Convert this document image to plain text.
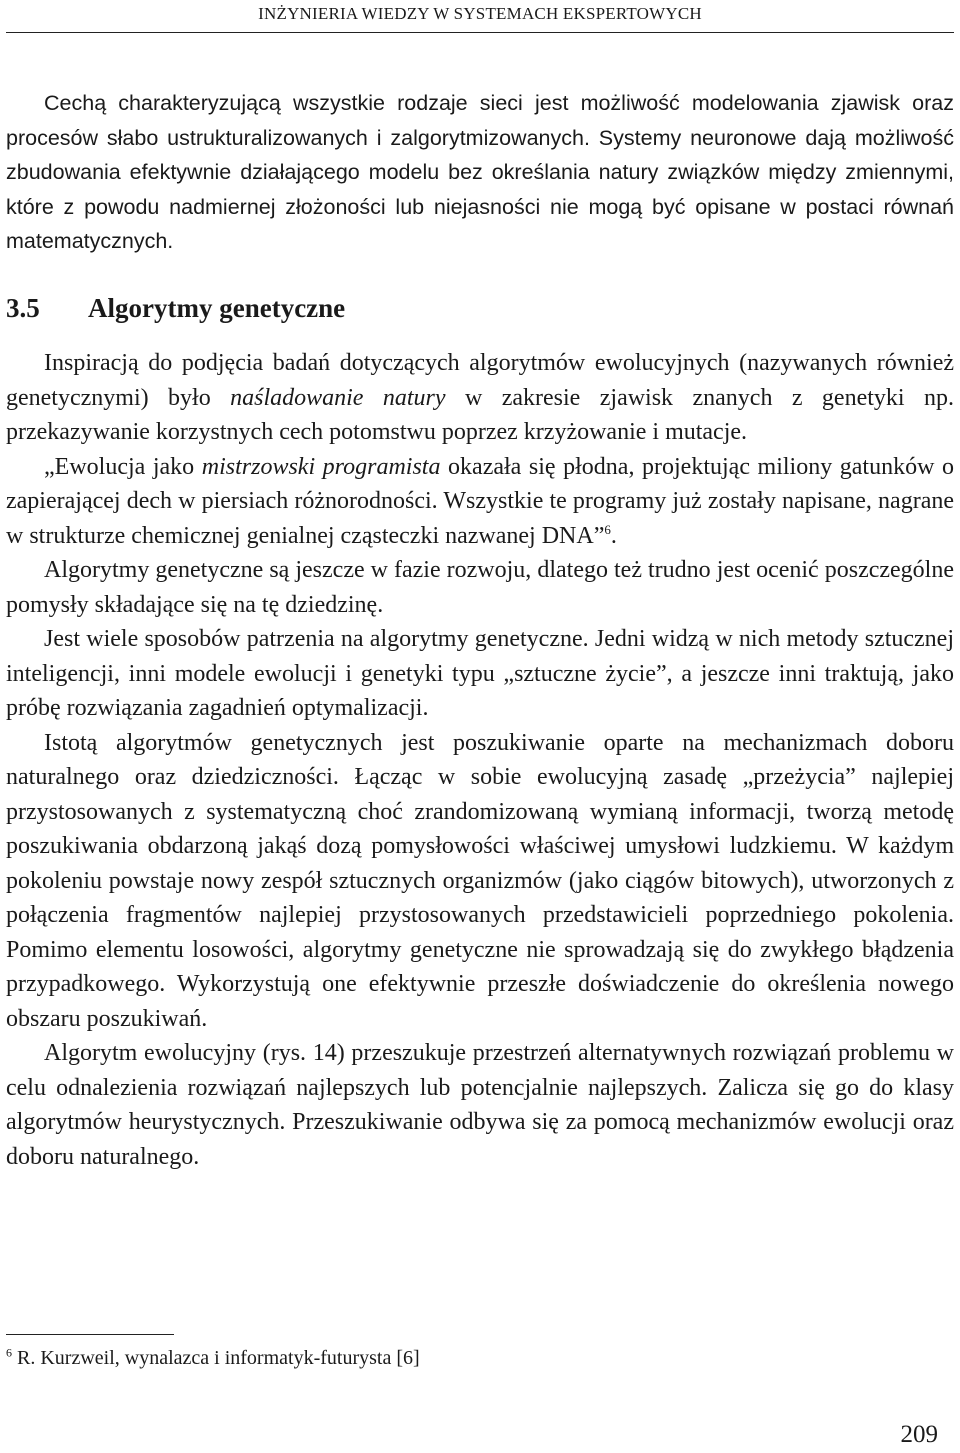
INŻYNIERIA WIEDZY W SYSTEMACH EKSPERTOWYCH

Cechą charakteryzującą wszystkie rodzaje sieci jest możliwość modelowania zjawisk oraz procesów słabo ustrukturalizowanych i zalgorytmizowanych. Systemy neuronowe dają możliwość zbudowania efektywnie działającego modelu bez określania natury związków między zmiennymi, które z powodu nadmiernej złożoności lub niejasności nie mogą być opisane w postaci równań matematycznych.

3.5 Algorytmy genetyczne

Inspiracją do podjęcia badań dotyczących algorytmów ewolucyjnych (nazywanych również genetycznymi) było naśladowanie natury w zakresie zjawisk znanych z genetyki np. przekazywanie korzystnych cech potomstwu poprzez krzyżowanie i mutacje.

„Ewolucja jako mistrzowski programista okazała się płodna, projektując miliony gatunków o zapierającej dech w piersiach różnorodności. Wszystkie te programy już zostały napisane, nagrane w strukturze chemicznej genialnej cząsteczki nazwanej DNA”$^6$.

Algorytmy genetyczne są jeszcze w fazie rozwoju, dlatego też trudno jest ocenić poszczególne pomysły składające się na tę dziedzinę.

Jest wiele sposobów patrzenia na algorytmy genetyczne. Jedni widzą w nich metody sztucznej inteligencji, inni modele ewolucji i genetyki typu „sztuczne życie”, a jeszcze inni traktują, jako próbę rozwiązania zagadnień optymalizacji.

Istotą algorytmów genetycznych jest poszukiwanie oparte na mechanizmach doboru naturalnego oraz dziedziczności. Łącząc w sobie ewolucyjną zasadę „przeżycia” najlepiej przystosowanych z systematyczną choć zrandomizowaną wymianą informacji, tworzą metodę poszukiwania obdarzoną jakąś dozą pomysłowości właściwej umysłowi ludzkiemu. W każdym pokoleniu powstaje nowy zespół sztucznych organizmów (jako ciągów bitowych), utworzonych z połączenia fragmentów najlepiej przystosowanych przedstawicieli poprzedniego pokolenia. Pomimo elementu losowości, algorytmy genetyczne nie sprowadzają się do zwykłego błądzenia przypadkowego. Wykorzystują one efektywnie przeszłe doświadczenie do określenia nowego obszaru poszukiwań.

Algorytm ewolucyjny (rys. 14) przeszukuje przestrzeń alternatywnych rozwiązań problemu w celu odnalezienia rozwiązań najlepszych lub potencjalnie najlepszych. Zalicza się go do klasy algorytmów heurystycznych. Przeszukiwanie odbywa się za pomocą mechanizmów ewolucji oraz doboru naturalnego.

$^6$ R. Kurzweil, wynalazca i informatyk-futurysta [6]
209
